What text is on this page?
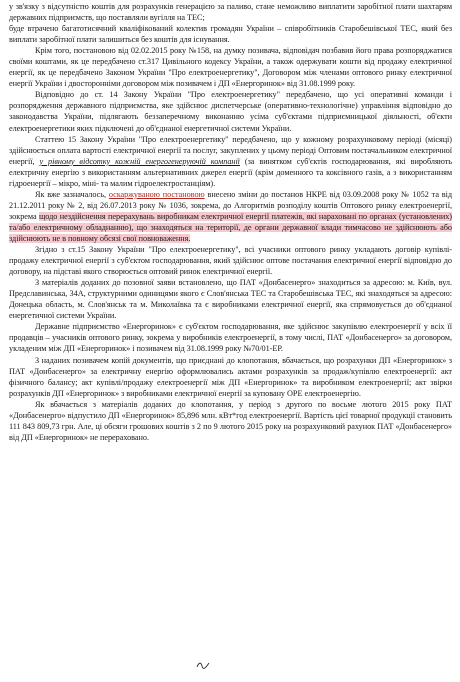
у зв'язку з відсутністю коштів для розрахунків генерацією за паливо, стане неможливо виплатити заробітної плати шахтарям державних підприємств, що поставляли вугілля на ТЕС;

буде втрачено багатотисячний кваліфікований колектив громадян України – співробітників Старобешівської ТЕС, який без виплати заробітної плати залишиться без коштів для існування.

Крім того, постановою від 02.02.2015 року №158, на думку позивача, відповідач позбавив його права розпоряджатися своїми коштами, як це передбачено ст.317 Цивільного кодексу України, а також одержувати кошти від продажу електричної енергії, як це передбачено Законом України "Про електроенергетику", Договором між членами оптового ринку електричної енергії України і двосторонніми договором між позивачем і ДП «Енергоринок» від 31.08.1999 року.

Відповідно до ст. 14 Закону України "Про електроенергетику" передбачено, що усі оперативні команди і розпорядження державного підприємства, яке здійснює диспетчерське (оперативно-технологічне) управління відповідно до законодавства України, підлягають беззаперечному виконанню усіма суб'єктами підприємницької діяльності, об'єкти електроенергетики яких підключені до об'єднаної енергетичної системи України.

Статтею 15 Закону України "Про електроенергетику" передбачено, що у кожному розрахунковому періоді (місяці) здійснюється оплата вартості електричної енергії та послуг, закуплених у цьому періоді Оптовим постачальником електричної енергії, у рівному відсотку кожній енергогенеруючій компанії (за винятком суб'єктів господарювання, які виробляють електричну енергію з використанням альтернативних джерел енергії (крім доменного та коксівного газів, а з використанням гідроенергії – мікро, міні- та малим гідроелектростанціям).

Як вже зазначалось, оскаржуваною постановою внесено зміни до постанов НКРЕ від 03.09.2008 року № 1052 та від 21.12.2011 року № 2, від 26.07.2013 року № 1036, зокрема, до Алгоритмів розподілу коштів Оптового ринку електроенергії, зокрема щодо нездійснення перерахувань виробникам електричної енергії платежів, які нараховані по органах (установлених) та/або електричному обладнанню), що знаходяться на території, де органи державної влади тимчасово не здійснюють або здійснюють не в повному обсязі свої повноваження.

Згідно з ст.15 Закону України "Про електроенергетику", всі учасники оптового ринку укладають договір купівлі-продажу електричної енергії з суб'єктом господарювання, який здійснює оптове постачання електричної енергії відповідно до договору, на підставі якого створюється оптовий ринок електричної енергії.

З матеріалів доданих до позовної заяви встановлено, що ПАТ «Донбасенерго» знаходиться за адресою: м. Київ, вул. Предславинська, 34А, структурними одиницями якого є Слов'янська ТЕС та Старобешівська ТЕС, які знаходяться за адресою: Донецька область, м. Слов'янськ та м. Миколаївка та є виробниками електричної енергії, яка спрямовується до об'єднаної енергетичної системи України.

Державне підприємство «Енергоринок» є суб'єктом господарювання, яке здійснює закупівлю електроенергії у всіх її продавців – учасників оптового ринку, зокрема у виробників електроенергії, в тому числі, ПАТ «Донбасенерго» за договором, укладеним між ДП «Енергоринок» і позивачем від 31.08.1999 року №70/01-ЕР.

З наданих позивачем копій документів, що приєднані до клопотання, вбачається, що розрахунки ДП «Енергоринок» з ПАТ «Донбасенерго» за електричну енергію оформлювались актами розрахунків за продаж/купівлю електроенергії: акт фізичного балансу; акт купівлі/продажу електроенергії між ДП «Енергоринок» та виробником електроенергії; акт звірки розрахунків ДП «Енергоринок» з виробниками електричної енергії за куповану ОРЕ електроенергію.

Як вбачається з матеріалів доданих до клопотання, у період з другого по восьме лютого 2015 року ПАТ «Донбасенерго» відпустило ДП «Енергоринок» 85,896 млн. кВт*год електроенергії. Вартість цієї товарної продукції становить 111 843 809,73 грн. Але, ці обсяги грошових коштів з 2 по 9 лютого 2015 року на розрахунковий рахунок ПАТ «Донбасенерго» від ДП «Енергоринок» не перераховано.
